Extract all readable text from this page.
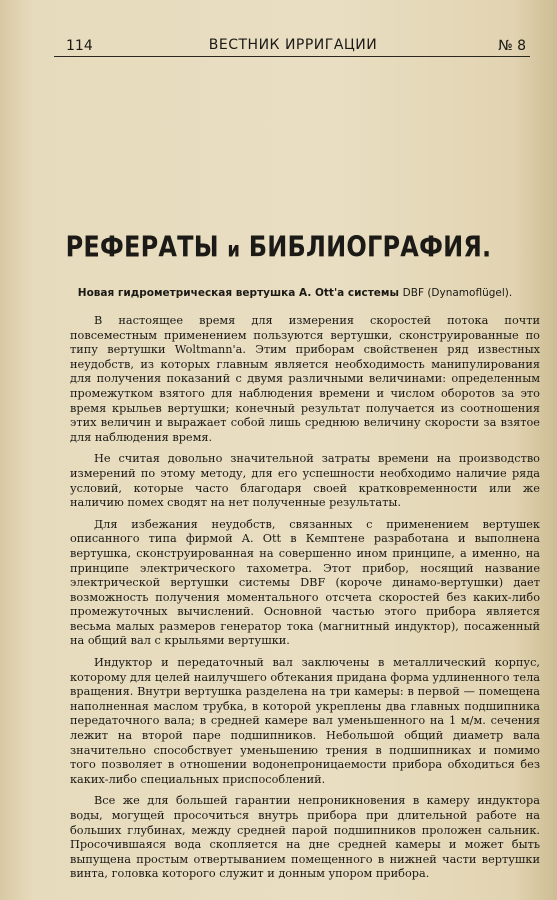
114	ВЕСТНИК ИРРИГАЦИИ	№ 8
РЕФЕРАТЫ и БИБЛИОГРАФИЯ.
Новая гидрометрическая вертушка A. Ott'a системы DBF (Dynamoflügel).

В настоящее время для измерения скоростей потока почти повсеместным применением пользуются вертушки, сконструированные по типу вертушки Woltmann'a. Этим приборам свойственен ряд известных неудобств, из которых главным является необходимость манипулирования для получения показаний с двумя различными величинами: определенным промежутком взятого для наблюдения времени и числом оборотов за это время крыльев вертушки; конечный результат получается из соотношения этих величин и выражает собой лишь среднюю величину скорости за взятое для наблюдения время.

Не считая довольно значительной затраты времени на производство измерений по этому методу, для его успешности необходимо наличие ряда условий, которые часто благодаря своей кратковременности или же наличию помех сводят на нет полученные результаты.

Для избежания неудобств, связанных с применением вертушек описанного типа фирмой A. Ott в Кемптене разработана и выполнена вертушка, сконструированная на совершенно ином принципе, а именно, на принципе электрического тахометра. Этот прибор, носящий название электрической вертушки системы DBF (короче динамо-вертушки) дает возможность получения моментального отсчета скоростей без каких-либо промежуточных вычислений. Основной частью этого прибора является весьма малых размеров генератор тока (магнитный индуктор), посаженный на общий вал с крыльями вертушки.

Индуктор и передаточный вал заключены в металлический корпус, которому для целей наилучшего обтекания придана форма удлиненного тела вращения. Внутри вертушка разделена на три камеры: в первой — помещена наполненная маслом трубка, в которой укреплены два главных подшипника передаточного вала; в средней камере вал уменьшенного на 1 м/м. сечения лежит на второй паре подшипников. Небольшой общий диаметр вала значительно способствует уменьшению трения в подшипниках и помимо того позволяет в отношении водонепроницаемости прибора обходиться без каких-либо специальных приспособлений.

Все же для большей гарантии непроникновения в камеру индуктора воды, могущей просочиться внутрь прибора при длительной работе на больших глубинах, между средней парой подшипников проложен сальник. Просочившаяся вода скопляется на дне средней камеры и может быть выпущена простым отвертыванием помещенного в нижней части вертушки винта, головка которого служит и донным упором прибора.
